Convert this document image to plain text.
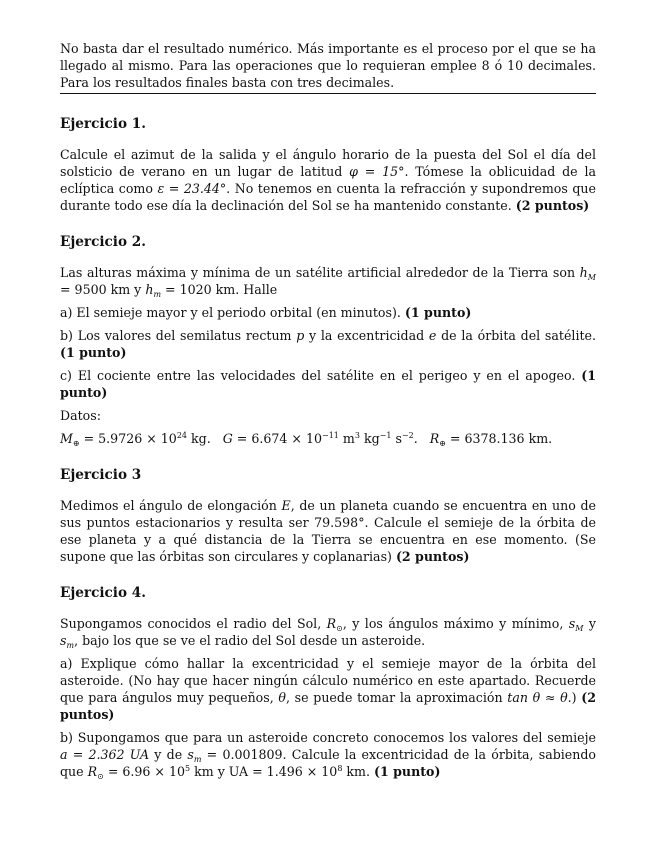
No basta dar el resultado numérico. Más importante es el proceso por el que se ha llegado al mismo. Para las operaciones que lo requieran emplee 8 ó 10 decimales. Para los resultados finales basta con tres decimales.

Ejercicio 1.

Calcule el azimut de la salida y el ángulo horario de la puesta del Sol el día del solsticio de verano en un lugar de latitud φ = 15°. Tómese la oblicuidad de la eclíptica como ε = 23.44°. No tenemos en cuenta la refracción y supondremos que durante todo ese día la declinación del Sol se ha mantenido constante. (2 puntos)

Ejercicio 2.

Las alturas máxima y mínima de un satélite artificial alrededor de la Tierra son $h_M = 9500$ km y $h_m = 1020$ km. Halle

a) El semieje mayor y el periodo orbital (en minutos). (1 punto)

b) Los valores del semilatus rectum p y la excentricidad e de la órbita del satélite. (1 punto)

c) El cociente entre las velocidades del satélite en el perigeo y en el apogeo. (1 punto)

Datos:

$M_\oplus = 5.9726 \times 10^{24}$ kg. $G = 6.674 \times 10^{-11}$ $m^3$ $kg^{-1}$ $s^{-2}$. $R_\oplus = 6378.136$ km.

Ejercicio 3

Medimos el ángulo de elongación E, de un planeta cuando se encuentra en uno de sus puntos estacionarios y resulta ser 79.598°. Calcule el semieje de la órbita de ese planeta y a qué distancia de la Tierra se encuentra en ese momento. (Se supone que las órbitas son circulares y coplanarias) (2 puntos)

Ejercicio 4.

Supongamos conocidos el radio del Sol, $R_⊙$, y los ángulos máximo y mínimo, $s_M$ y $s_m$, bajo los que se ve el radio del Sol desde un asteroide.

a) Explique cómo hallar la excentricidad y el semieje mayor de la órbita del asteroide. (No hay que hacer ningún cálculo numérico en este apartado. Recuerde que para ángulos muy pequeños, θ, se puede tomar la aproximación tan θ ≈ θ.) (2 puntos)

b) Supongamos que para un asteroide concreto conocemos los valores del semieje a = 2.362 UA y de $s_m = 0.001809$. Calcule la excentricidad de la órbita, sabiendo que $R_⊙ = 6.96 \times 10^5$ km y UA = $1.496 \times 10^8$ km. (1 punto)
